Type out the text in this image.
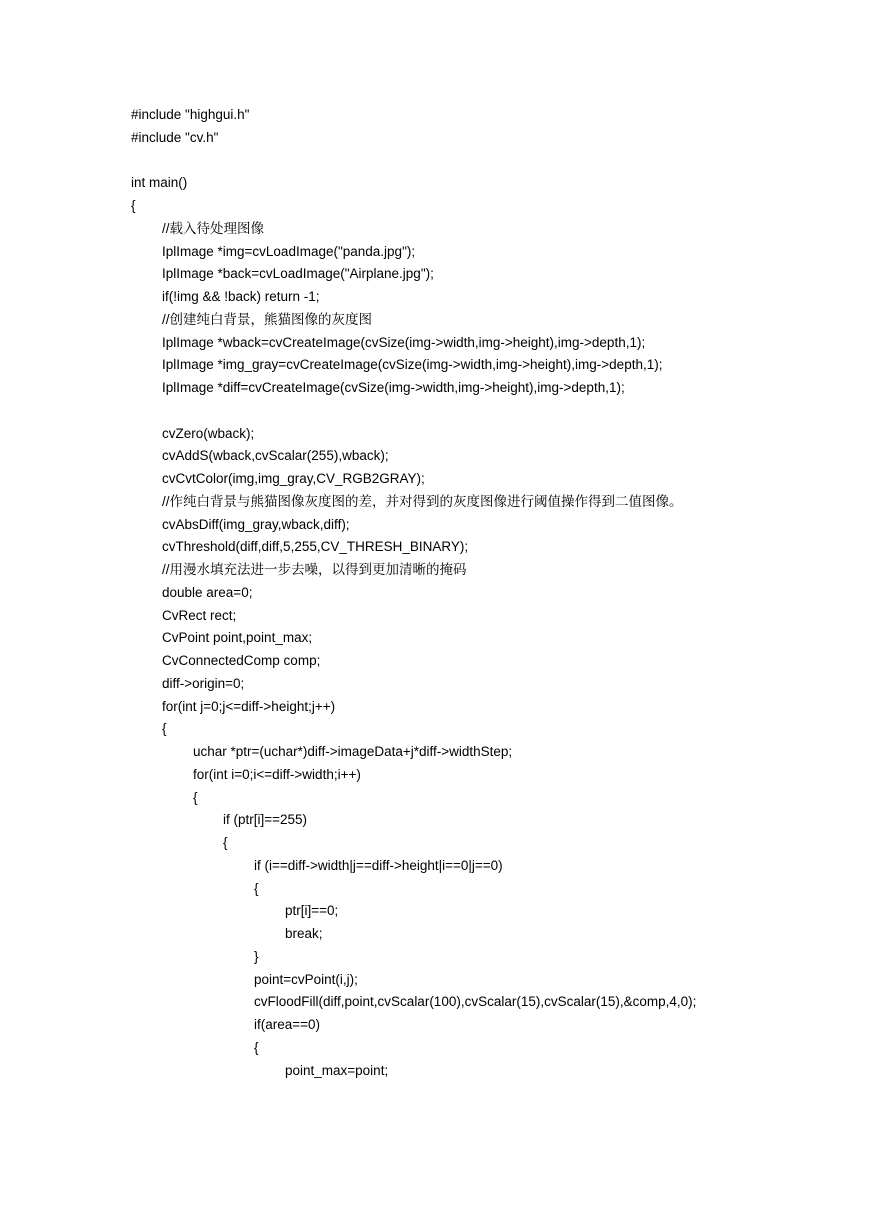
#include "highgui.h"
#include "cv.h"
int main()
{
//载入待处理图像
IplImage *img=cvLoadImage("panda.jpg");
IplImage *back=cvLoadImage("Airplane.jpg");
if(!img && !back) return -1;
//创建纯白背景，熊猫图像的灰度图
IplImage *wback=cvCreateImage(cvSize(img->width,img->height),img->depth,1);
IplImage *img_gray=cvCreateImage(cvSize(img->width,img->height),img->depth,1);
IplImage *diff=cvCreateImage(cvSize(img->width,img->height),img->depth,1);
cvZero(wback);
cvAddS(wback,cvScalar(255),wback);
cvCvtColor(img,img_gray,CV_RGB2GRAY);
//作纯白背景与熊猫图像灰度图的差，并对得到的灰度图像进行阈值操作得到二值图像。
cvAbsDiff(img_gray,wback,diff);
cvThreshold(diff,diff,5,255,CV_THRESH_BINARY);
//用漫水填充法进一步去噪，以得到更加清晰的掩码
double area=0;
CvRect rect;
CvPoint point,point_max;
CvConnectedComp comp;
diff->origin=0;
for(int j=0;j<=diff->height;j++)
{
uchar *ptr=(uchar*)diff->imageData+j*diff->widthStep;
for(int i=0;i<=diff->width;i++)
{
if (ptr[i]==255)
{
if (i==diff->width|j==diff->height|i==0|j==0)
{
ptr[i]==0;
break;
}
point=cvPoint(i,j);
cvFloodFill(diff,point,cvScalar(100),cvScalar(15),cvScalar(15),&comp,4,0);
if(area==0)
{
point_max=point;
